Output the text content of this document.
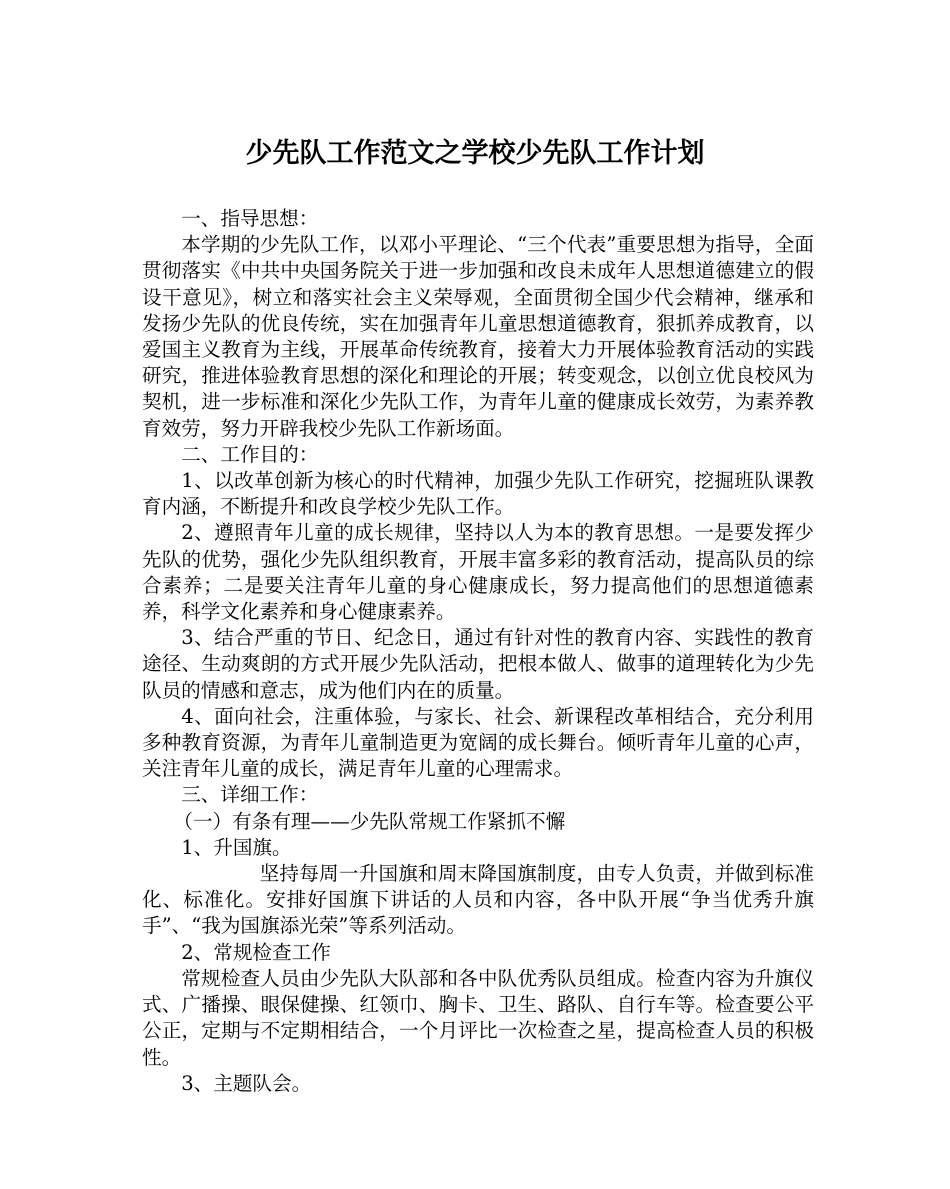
少先队工作范文之学校少先队工作计划

一、指导思想：

本学期的少先队工作，以邓小平理论、“三个代表”重要思想为指导，全面贯彻落实《中共中央国务院关于进一步加强和改良未成年人思想道德建立的假设干意见》，树立和落实社会主义荣辱观，全面贯彻全国少代会精神，继承和发扬少先队的优良传统，实在加强青年儿童思想道德教育，狠抓养成教育，以爱国主义教育为主线，开展革命传统教育，接着大力开展体验教育活动的实践研究，推进体验教育思想的深化和理论的开展；转变观念，以创立优良校风为契机，进一步标准和深化少先队工作，为青年儿童的健康成长效劳，为素养教育效劳，努力开辟我校少先队工作新场面。

二、工作目的：

1、以改革创新为核心的时代精神，加强少先队工作研究，挖掘班队课教育内涵，不断提升和改良学校少先队工作。

2、遵照青年儿童的成长规律，坚持以人为本的教育思想。一是要发挥少先队的优势，强化少先队组织教育，开展丰富多彩的教育活动，提高队员的综合素养；二是要关注青年儿童的身心健康成长，努力提高他们的思想道德素养，科学文化素养和身心健康素养。

3、结合严重的节日、纪念日，通过有针对性的教育内容、实践性的教育途径、生动爽朗的方式开展少先队活动，把根本做人、做事的道理转化为少先队员的情感和意志，成为他们内在的质量。

4、面向社会，注重体验，与家长、社会、新课程改革相结合，充分利用多种教育资源，为青年儿童制造更为宽阔的成长舞台。倾听青年儿童的心声，关注青年儿童的成长，满足青年儿童的心理需求。

三、详细工作：

（一）有条有理——少先队常规工作紧抓不懈

1、升国旗。

坚持每周一升国旗和周末降国旗制度，由专人负责，并做到标准化、标准化。安排好国旗下讲话的人员和内容，各中队开展“争当优秀升旗手”、“我为国旗添光荣”等系列活动。

2、常规检查工作

常规检查人员由少先队大队部和各中队优秀队员组成。检查内容为升旗仪式、广播操、眼保健操、红领巾、胸卡、卫生、路队、自行车等。检查要公平公正，定期与不定期相结合，一个月评比一次检查之星，提高检查人员的积极性。

3、主题队会。
